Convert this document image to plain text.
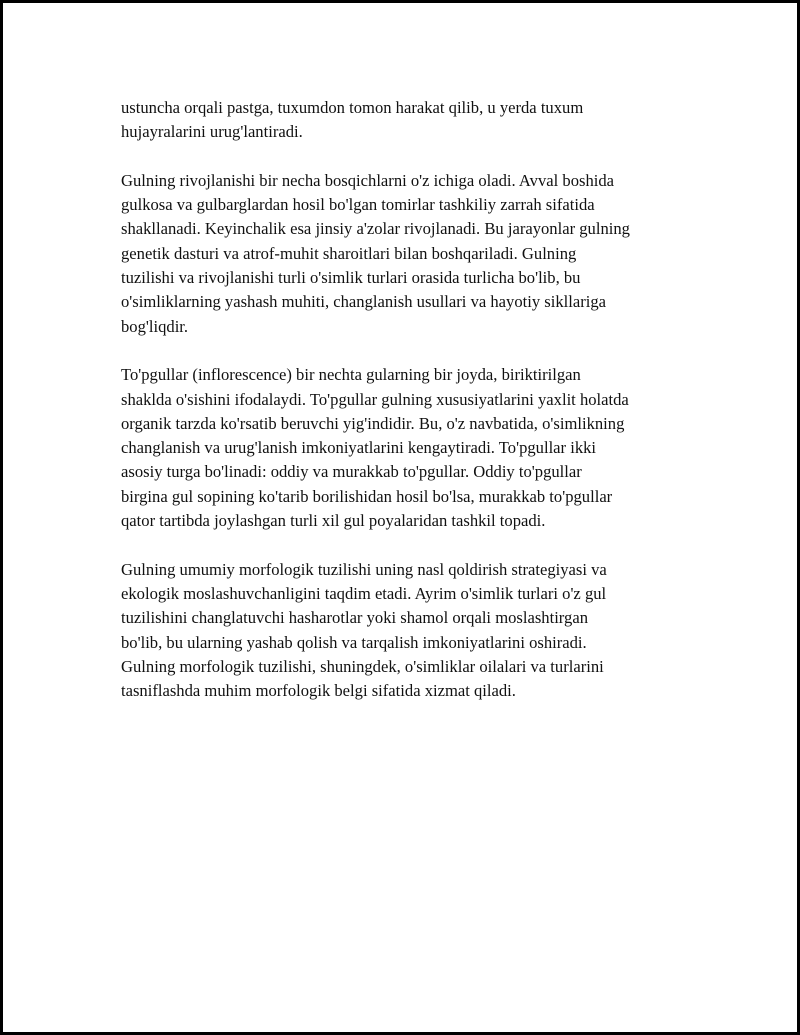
ustuncha orqali pastga, tuxumdon tomon harakat qilib, u yerda tuxum
hujayralarini urug'lantiradi.

Gulning rivojlanishi bir necha bosqichlarni o'z ichiga oladi. Avval boshida
gulkosa va gulbarglardan hosil bo'lgan tomirlar tashkiliy zarrah sifatida
shakllanadi. Keyinchalik esa jinsiy a'zolar rivojlanadi. Bu jarayonlar gulning
genetik dasturi va atrof-muhit sharoitlari bilan boshqariladi. Gulning
tuzilishi va rivojlanishi turli o'simlik turlari orasida turlicha bo'lib, bu
o'simliklarning yashash muhiti, changlanish usullari va hayotiy sikllariga
bog'liqdir.

To'pgullar (inflorescence) bir nechta gularning bir joyda, biriktirilgan
shaklda o'sishini ifodalaydi. To'pgullar gulning xususiyatlarini yaxlit holatda
organik tarzda ko'rsatib beruvchi yig'indidir. Bu, o'z navbatida, o'simlikning
changlanish va urug'lanish imkoniyatlarini kengaytiradi. To'pgullar ikki
asosiy turga bo'linadi: oddiy va murakkab to'pgullar. Oddiy to'pgullar
birgina gul sopining ko'tarib borilishidan hosil bo'lsa, murakkab to'pgullar
qator tartibda joylashgan turli xil gul poyalaridan tashkil topadi.

Gulning umumiy morfologik tuzilishi uning nasl qoldirish strategiyasi va
ekologik moslashuvchanligini taqdim etadi. Ayrim o'simlik turlari o'z gul
tuzilishini changlatuvchi hasharotlar yoki shamol orqali moslashtirgan
bo'lib, bu ularning yashab qolish va tarqalish imkoniyatlarini oshiradi.
Gulning morfologik tuzilishi, shuningdek, o'simliklar oilalari va turlarini
tasniflashda muhim morfologik belgi sifatida xizmat qiladi.
